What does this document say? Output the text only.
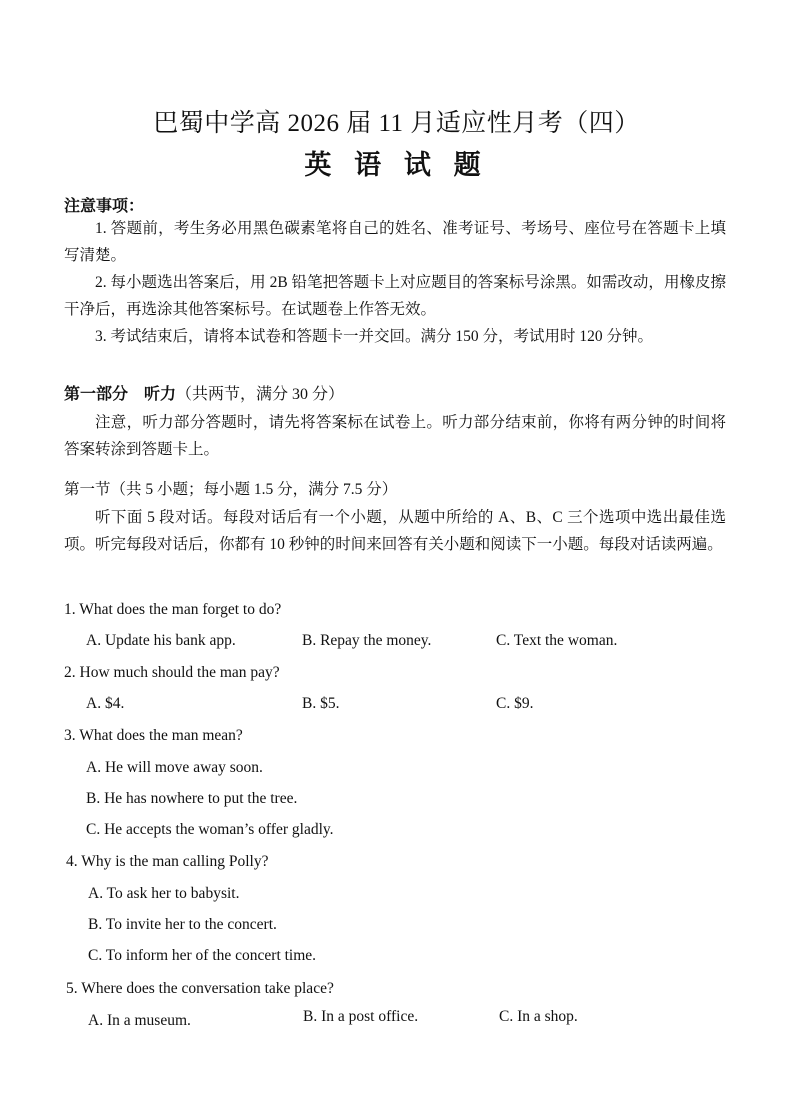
巴蜀中学高 2026 届 11 月适应性月考（四）
英 语 试 题
注意事项：
1. 答题前，考生务必用黑色碳素笔将自己的姓名、准考证号、考场号、座位号在答题卡上填写清楚。
2. 每小题选出答案后，用 2B 铅笔把答题卡上对应题目的答案标号涂黑。如需改动，用橡皮擦干净后，再选涂其他答案标号。在试题卷上作答无效。
3. 考试结束后，请将本试卷和答题卡一并交回。满分 150 分，考试用时 120 分钟。
第一部分　听力（共两节，满分 30 分）
注意，听力部分答题时，请先将答案标在试卷上。听力部分结束前，你将有两分钟的时间将答案转涂到答题卡上。
第一节（共 5 小题；每小题 1.5 分，满分 7.5 分）
听下面 5 段对话。每段对话后有一个小题，从题中所给的 A、B、C 三个选项中选出最佳选项。听完每段对话后，你都有 10 秒钟的时间来回答有关小题和阅读下一小题。每段对话读两遍。
1. What does the man forget to do?
A. Update his bank app.	B. Repay the money.	C. Text the woman.
2. How much should the man pay?
A. $4.	B. $5.	C. $9.
3. What does the man mean?
A. He will move away soon.
B. He has nowhere to put the tree.
C. He accepts the woman’s offer gladly.
4. Why is the man calling Polly?
A. To ask her to babysit.
B. To invite her to the concert.
C. To inform her of the concert time.
5. Where does the conversation take place?
A. In a museum.	B. In a post office.	C. In a shop.
